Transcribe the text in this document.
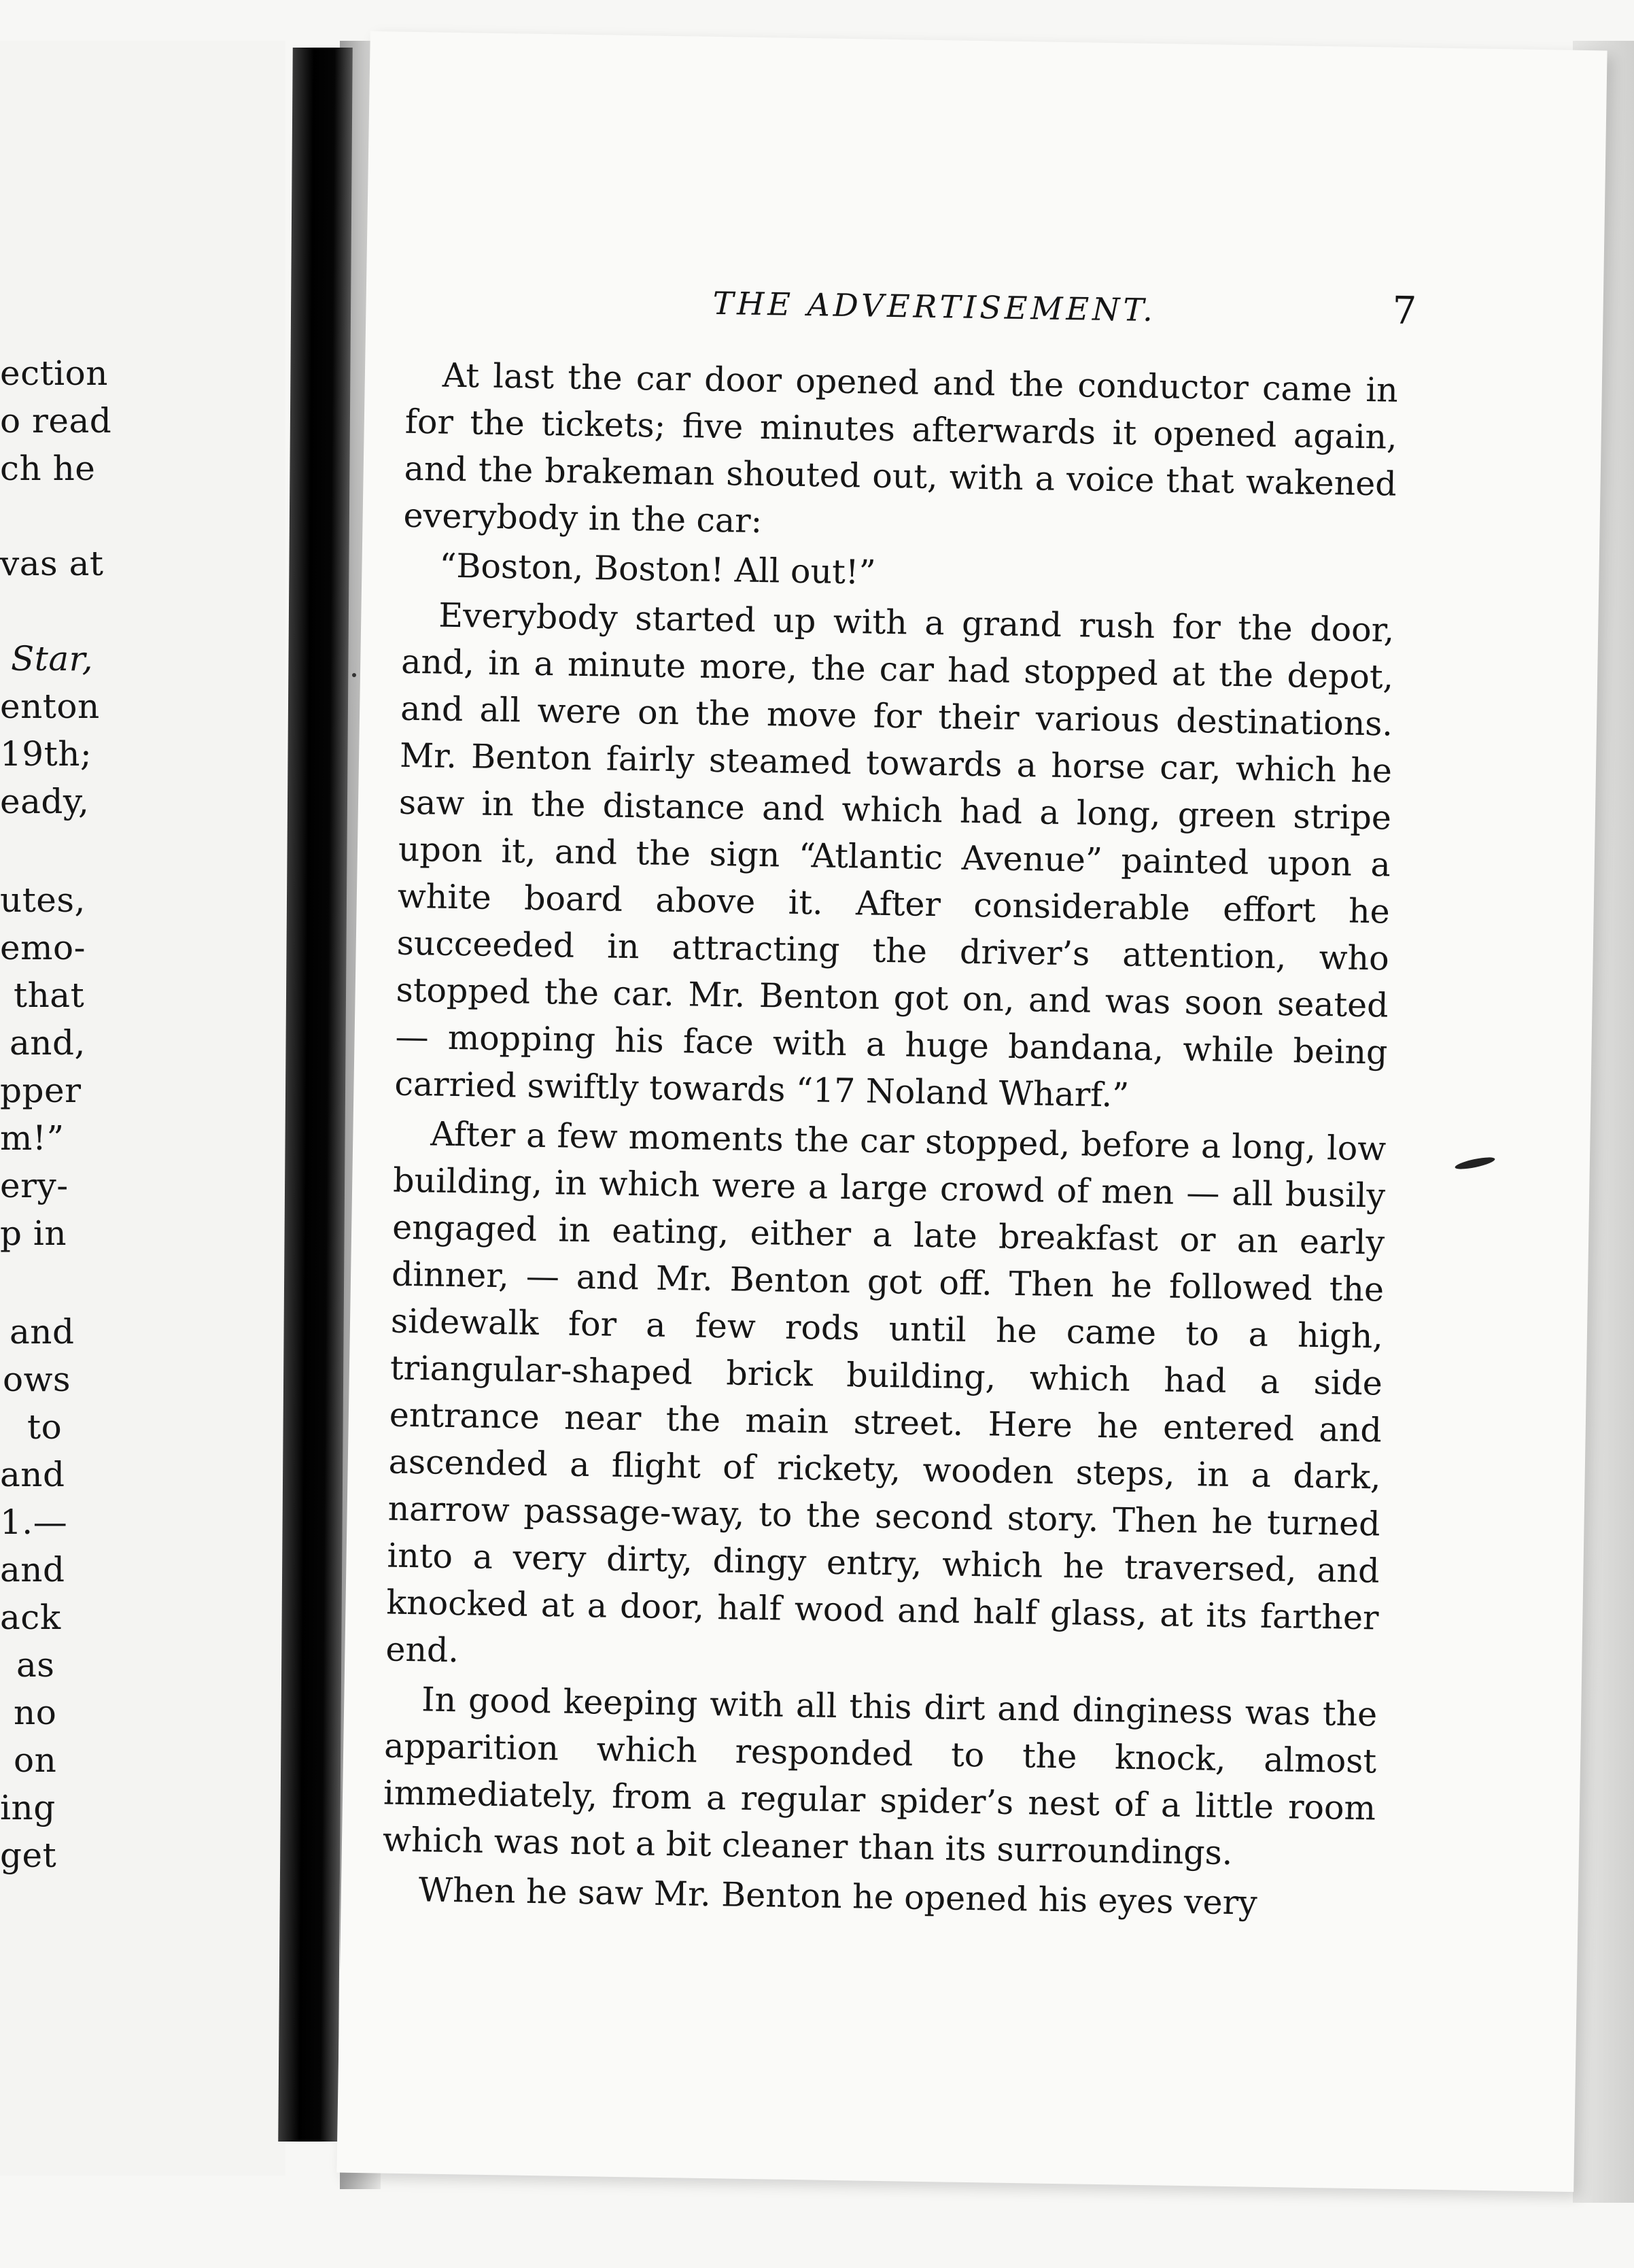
ection
o read
ch he
vas at
Star,
enton
19th;
eady,
utes,
emo-
that
and,
pper
m!”
ery-
p in
and
ows
to
and
1.—
and
ack
as
no
on
ing
get
THE ADVERTISEMENT.	7

At last the car door opened and the conductor came in for the tickets; five minutes afterwards it opened again, and the brakeman shouted out, with a voice that wakened everybody in the car:

“Boston, Boston! All out!”

Everybody started up with a grand rush for the door, and, in a minute more, the car had stopped at the depot, and all were on the move for their various destinations. Mr. Benton fairly steamed towards a horse car, which he saw in the distance and which had a long, green stripe upon it, and the sign “Atlantic Avenue” painted upon a white board above it. After considerable effort he succeeded in attracting the driver’s attention, who stopped the car. Mr. Benton got on, and was soon seated — mopping his face with a huge bandana, while being carried swiftly towards “17 Noland Wharf.”

After a few moments the car stopped, before a long, low building, in which were a large crowd of men — all busily engaged in eating, either a late breakfast or an early dinner, — and Mr. Benton got off. Then he followed the sidewalk for a few rods until he came to a high, triangular-shaped brick building, which had a side entrance near the main street. Here he entered and ascended a flight of rickety, wooden steps, in a dark, narrow passage-way, to the second story. Then he turned into a very dirty, dingy entry, which he traversed, and knocked at a door, half wood and half glass, at its farther end.

In good keeping with all this dirt and dinginess was the apparition which responded to the knock, almost immediately, from a regular spider’s nest of a little room which was not a bit cleaner than its surroundings.

When he saw Mr. Benton he opened his eyes very
